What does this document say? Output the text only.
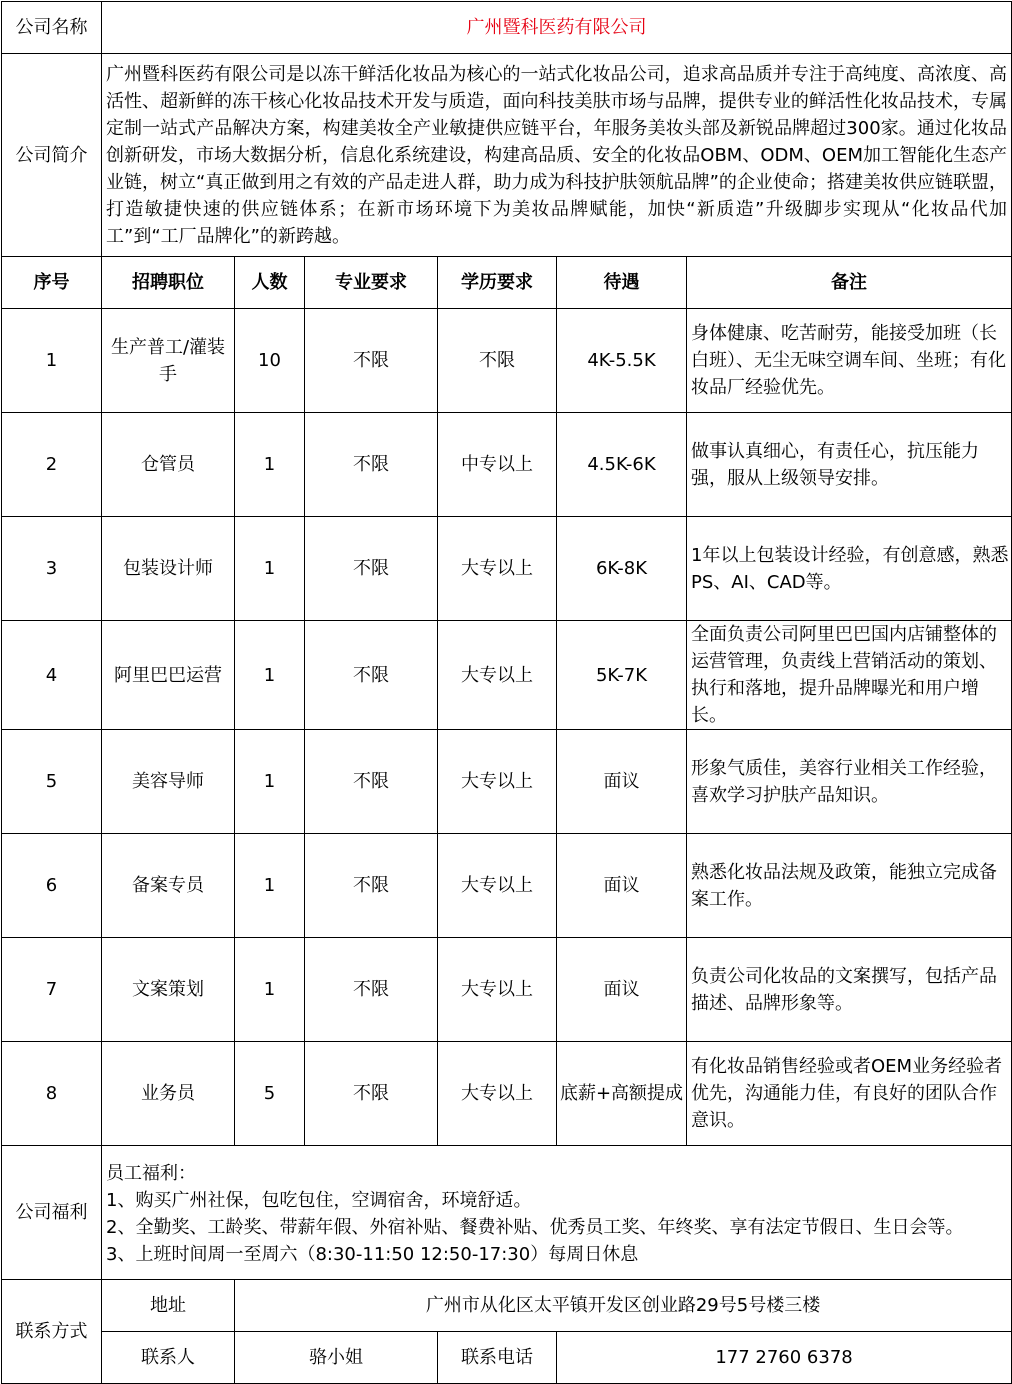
公司名称	广州暨科医药有限公司					
公司简介	广州暨科医药有限公司是以冻干鲜活化妆品为核心的一站式化妆品公司，追求高品质并专注于高纯度、高浓度、高活性、超新鲜的冻干核心化妆品技术开发与质造，面向科技美肤市场与品牌，提供专业的鲜活性化妆品技术，专属定制一站式产品解决方案，构建美妆全产业敏捷供应链平台，年服务美妆头部及新锐品牌超过300家。通过化妆品创新研发，市场大数据分析，信息化系统建设，构建高品质、安全的化妆品OBM、ODM、OEM加工智能化生态产业链，树立“真正做到用之有效的产品走进人群，助力成为科技护肤领航品牌”的企业使命；搭建美妆供应链联盟，打造敏捷快速的供应链体系；在新市场环境下为美妆品牌赋能，加快“新质造”升级脚步实现从“化妆品代加工”到“工厂品牌化”的新跨越。					
序号	招聘职位	人数	专业要求	学历要求	待遇	备注
1	生产普工/灌装手	10	不限	不限	4K-5.5K	身体健康、吃苦耐劳，能接受加班（长白班）、无尘无味空调车间、坐班；有化妆品厂经验优先。
2	仓管员	1	不限	中专以上	4.5K-6K	做事认真细心，有责任心，抗压能力强，服从上级领导安排。
3	包装设计师	1	不限	大专以上	6K-8K	1年以上包装设计经验，有创意感，熟悉PS、AI、CAD等。
4	阿里巴巴运营	1	不限	大专以上	5K-7K	全面负责公司阿里巴巴国内店铺整体的运营管理，负责线上营销活动的策划、执行和落地，提升品牌曝光和用户增长。
5	美容导师	1	不限	大专以上	面议	形象气质佳，美容行业相关工作经验，喜欢学习护肤产品知识。
6	备案专员	1	不限	大专以上	面议	熟悉化妆品法规及政策，能独立完成备案工作。
7	文案策划	1	不限	大专以上	面议	负责公司化妆品的文案撰写，包括产品描述、品牌形象等。
8	业务员	5	不限	大专以上	底薪+高额提成	有化妆品销售经验或者OEM业务经验者优先，沟通能力佳，有良好的团队合作意识。
公司福利	员工福利：
1、购买广州社保，包吃包住，空调宿舍，环境舒适。
2、全勤奖、工龄奖、带薪年假、外宿补贴、餐费补贴、优秀员工奖、年终奖、享有法定节假日、生日会等。
3、上班时间周一至周六（8:30-11:50 12:50-17:30）每周日休息					

联系方式	地址	广州市从化区太平镇开发区创业路29号5号楼三楼				
	联系人	骆小姐		联系电话	177 2760 6378	
